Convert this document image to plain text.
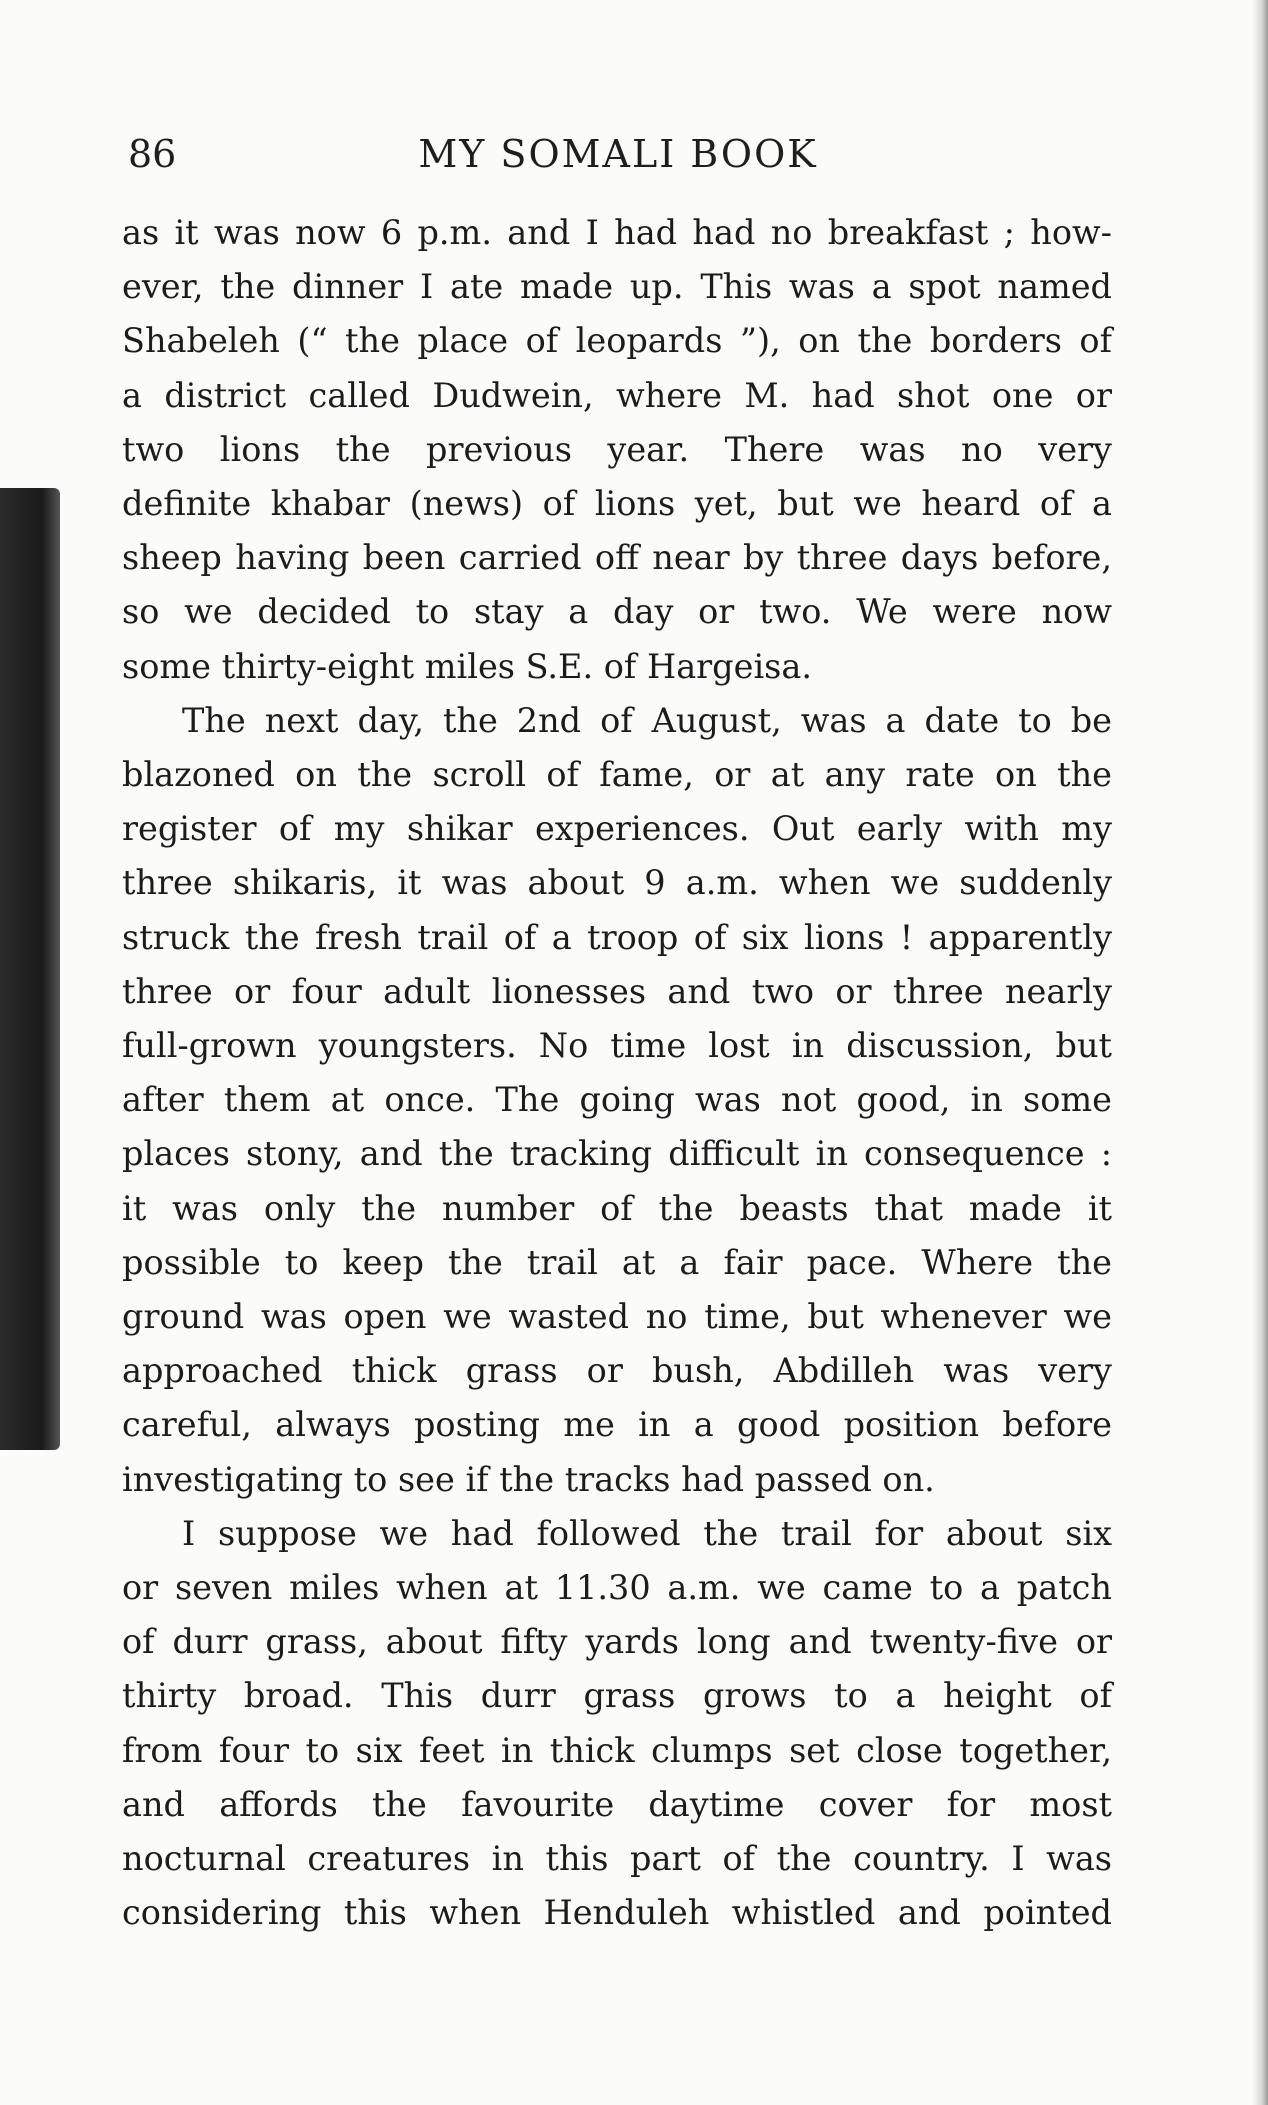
86	MY SOMALI BOOK
as it was now 6 p.m. and I had had no breakfast ; how-
ever, the dinner I ate made up. This was a spot named
Shabeleh (“ the place of leopards ”), on the borders of
a district called Dudwein, where M. had shot one or
two lions the previous year. There was no very
definite khabar (news) of lions yet, but we heard of a
sheep having been carried off near by three days before,
so we decided to stay a day or two. We were now
some thirty-eight miles S.E. of Hargeisa.
The next day, the 2nd of August, was a date to be
blazoned on the scroll of fame, or at any rate on the
register of my shikar experiences. Out early with my
three shikaris, it was about 9 a.m. when we suddenly
struck the fresh trail of a troop of six lions ! apparently
three or four adult lionesses and two or three nearly
full-grown youngsters. No time lost in discussion, but
after them at once. The going was not good, in some
places stony, and the tracking difficult in consequence :
it was only the number of the beasts that made it
possible to keep the trail at a fair pace. Where the
ground was open we wasted no time, but whenever we
approached thick grass or bush, Abdilleh was very
careful, always posting me in a good position before
investigating to see if the tracks had passed on.
I suppose we had followed the trail for about six
or seven miles when at 11.30 a.m. we came to a patch
of durr grass, about fifty yards long and twenty-five or
thirty broad. This durr grass grows to a height of
from four to six feet in thick clumps set close together,
and affords the favourite daytime cover for most
nocturnal creatures in this part of the country. I was
considering this when Henduleh whistled and pointed
